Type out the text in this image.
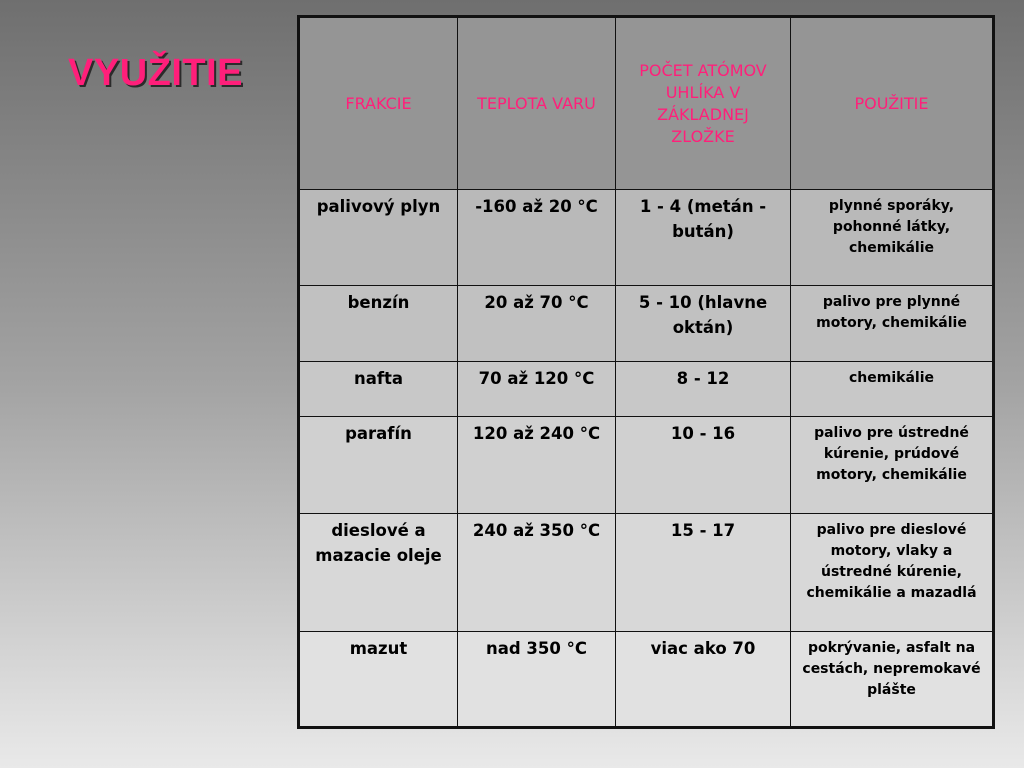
VYUŽITIE
FRAKCIE	TEPLOTA VARU	POČET ATÓMOV UHLÍKA V ZÁKLADNEJ ZLOŽKE	POUŽITIE
palivový plyn	-160 až 20 °C	1 - 4 (metán - bután)	plynné sporáky, pohonné látky, chemikálie
benzín	20 až 70 °C	5 - 10 (hlavne oktán)	palivo pre plynné motory, chemikálie
nafta	70 až 120 °C	8 - 12	chemikálie
parafín	120 až 240 °C	10 - 16	palivo pre ústredné kúrenie, prúdové motory, chemikálie
dieslové a mazacie oleje	240 až 350 °C	15 - 17	palivo pre dieslové motory, vlaky a ústredné kúrenie, chemikálie a mazadlá
mazut	nad 350 °C	viac ako 70	pokrývanie, asfalt na cestách, nepremokavé plášte
